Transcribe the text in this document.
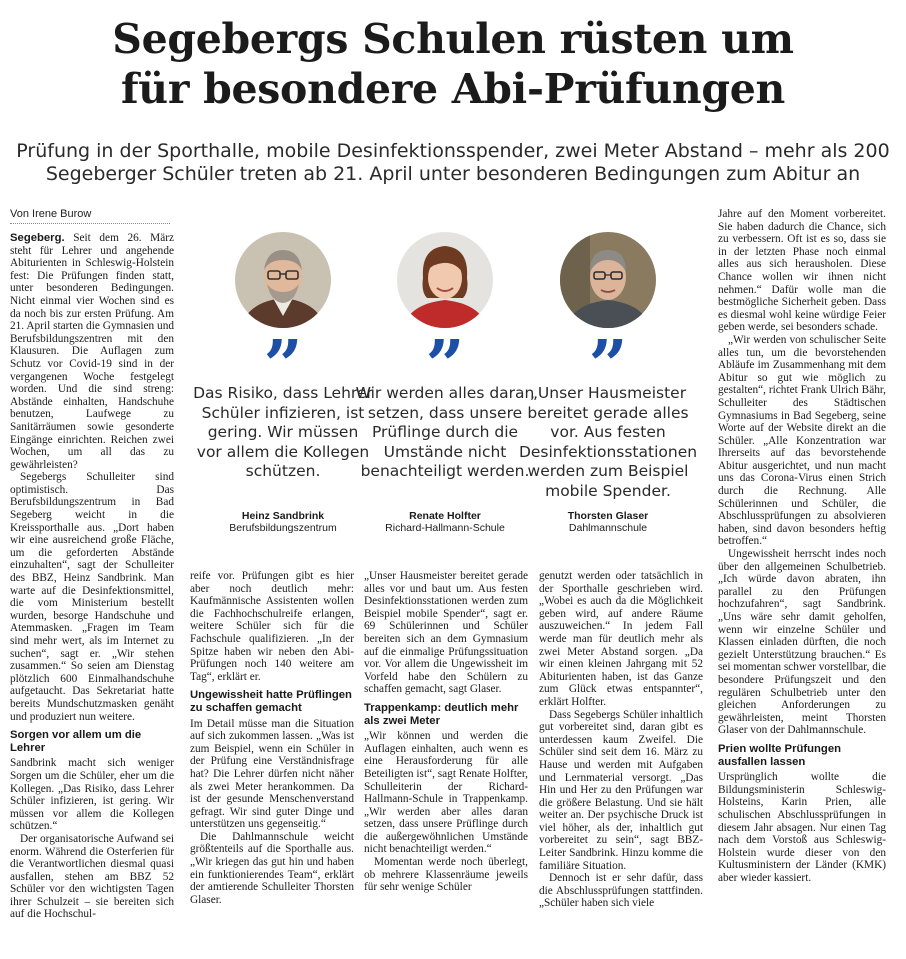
Segebergs Schulen rüsten um
für besondere Abi-Prüfungen
Prüfung in der Sporthalle, mobile Desinfektionsspender, zwei Meter Abstand – mehr als 200
Segeberger Schüler treten ab 21. April unter besonderen Bedingungen zum Abitur an
Von Irene Burow

Segeberg. Seit dem 26. März steht für Lehrer und angehende Abiturienten in Schleswig-Holstein fest: Die Prüfungen finden statt, unter besonderen Bedingungen. Nicht einmal vier Wochen sind es da noch bis zur ersten Prüfung. Am 21. April starten die Gymnasien und Berufsbildungszentren mit den Klausuren. Die Auflagen zum Schutz vor Covid-19 sind in der vergangenen Woche festgelegt worden. Und die sind streng: Abstände einhalten, Handschuhe benutzen, Laufwege zu Sanitärräumen sowie gesonderte Eingänge einrichten. Reichen zwei Wochen, um all das zu gewährleisten?

Segebergs Schulleiter sind optimistisch. Das Berufsbildungszentrum in Bad Segeberg weicht in die Kreissporthalle aus. „Dort haben wir eine ausreichend große Fläche, um die geforderten Abstände einzuhalten“, sagt der Schulleiter des BBZ, Heinz Sandbrink. Man warte auf die Desinfektionsmittel, die vom Ministerium bestellt wurden, besorge Handschuhe und Atemmasken. „Fragen im Team sind mehr wert, als im Internet zu suchen“, sagt er. „Wir stehen zusammen.“ So seien am Dienstag plötzlich 600 Einmalhandschuhe aufgetaucht. Das Sekretariat hatte bereits Mundschutzmasken genäht und produziert nun weitere.

Sorgen vor allem um die Lehrer

Sandbrink macht sich weniger Sorgen um die Schüler, eher um die Kollegen. „Das Risiko, dass Lehrer Schüler infizieren, ist gering. Wir müssen vor allem die Kollegen schützen.“

Der organisatorische Aufwand sei enorm. Während die Osterferien für die Verantwortlichen diesmal quasi ausfallen, stehen am BBZ 52 Schüler vor den wichtigsten Tagen ihrer Schulzeit – sie bereiten sich auf die Hochschul-

”
Das Risiko, dass Lehrer Schüler infizieren, ist gering. Wir müssen vor allem die Kollegen schützen.
Heinz Sandbrink
Berufsbildungszentrum
”
Wir werden alles daran setzen, dass unsere Prüflinge durch die Umstände nicht benachteiligt werden.
Renate Holfter
Richard-Hallmann-Schule
”
„Unser Hausmeister bereitet gerade alles vor. Aus festen Desinfektionsstationen werden zum Beispiel mobile Spender.
Thorsten Glaser
Dahlmannschule

reife vor. Prüfungen gibt es hier aber noch deutlich mehr: Kaufmännische Assistenten wollen die Fachhochschulreife erlangen, weitere Schüler sich für die Fachschule qualifizieren. „In der Spitze haben wir neben den Abi-Prüfungen noch 140 weitere am Tag“, erklärt er.

Ungewissheit hatte Prüflingen zu schaffen gemacht

Im Detail müsse man die Situation auf sich zukommen lassen. „Was ist zum Beispiel, wenn ein Schüler in der Prüfung eine Verständnisfrage hat? Die Lehrer dürfen nicht näher als zwei Meter herankommen. Da ist der gesunde Menschenverstand gefragt. Wir sind guter Dinge und unterstützen uns gegenseitig.“

Die Dahlmannschule weicht größtenteils auf die Sporthalle aus. „Wir kriegen das gut hin und haben ein funktionierendes Team“, erklärt der amtierende Schulleiter Thorsten Glaser.

„Unser Hausmeister bereitet gerade alles vor und baut um. Aus festen Desinfektionsstationen werden zum Beispiel mobile Spender“, sagt er. 69 Schülerinnen und Schüler bereiten sich an dem Gymnasium auf die einmalige Prüfungssituation vor. Vor allem die Ungewissheit im Vorfeld habe den Schülern zu schaffen gemacht, sagt Glaser.

Trappenkamp: deutlich mehr als zwei Meter

„Wir können und werden die Auflagen einhalten, auch wenn es eine Herausforderung für alle Beteiligten ist“, sagt Renate Holfter, Schulleiterin der Richard-Hallmann-Schule in Trappenkamp. „Wir werden aber alles daran setzen, dass unsere Prüflinge durch die außergewöhnlichen Umstände nicht benachteiligt werden.“

Momentan werde noch überlegt, ob mehrere Klassenräume jeweils für sehr wenige Schüler

genutzt werden oder tatsächlich in der Sporthalle geschrieben wird. „Wobei es auch da die Möglichkeit geben wird, auf andere Räume auszuweichen.“ In jedem Fall werde man für deutlich mehr als zwei Meter Abstand sorgen. „Da wir einen kleinen Jahrgang mit 52 Abiturienten haben, ist das Ganze zum Glück etwas entspannter“, erklärt Holfter.

Dass Segebergs Schüler inhaltlich gut vorbereitet sind, daran gibt es unterdessen kaum Zweifel. Die Schüler sind seit dem 16. März zu Hause und werden mit Aufgaben und Lernmaterial versorgt. „Das Hin und Her zu den Prüfungen war die größere Belastung. Und sie hält weiter an. Der psychische Druck ist viel höher, als der, inhaltlich gut vorbereitet zu sein“, sagt BBZ-Leiter Sandbrink. Hinzu komme die familiäre Situation.

Dennoch ist er sehr dafür, dass die Abschlussprüfungen stattfinden. „Schüler haben sich viele

Jahre auf den Moment vorbereitet. Sie haben dadurch die Chance, sich zu verbessern. Oft ist es so, dass sie in der letzten Phase noch einmal alles aus sich herausholen. Diese Chance wollen wir ihnen nicht nehmen.“ Dafür wolle man die bestmögliche Sicherheit geben. Dass es diesmal wohl keine würdige Feier geben werde, sei besonders schade.

„Wir werden von schulischer Seite alles tun, um die bevorstehenden Abläufe im Zusammenhang mit dem Abitur so gut wie möglich zu gestalten“, richtet Frank Ulrich Bähr, Schulleiter des Städtischen Gymnasiums in Bad Segeberg, seine Worte auf der Website direkt an die Schüler. „Alle Konzentration war Ihrerseits auf das bevorstehende Abitur ausgerichtet, und nun macht uns das Corona-Virus einen Strich durch die Rechnung. Alle Schülerinnen und Schüler, die Abschlussprüfungen zu absolvieren haben, sind davon besonders heftig betroffen.“

Ungewissheit herrscht indes noch über den allgemeinen Schulbetrieb. „Ich würde davon abraten, ihn parallel zu den Prüfungen hochzufahren“, sagt Sandbrink. „Uns wäre sehr damit geholfen, wenn wir einzelne Schüler und Klassen einladen dürften, die noch gezielt Unterstützung brauchen.“ Es sei momentan schwer vorstellbar, die besondere Prüfungszeit und den regulären Schulbetrieb unter den gleichen Anforderungen zu gewährleisten, meint Thorsten Glaser von der Dahlmannschule.

Prien wollte Prüfungen ausfallen lassen

Ursprünglich wollte die Bildungsministerin Schleswig-Holsteins, Karin Prien, alle schulischen Abschlussprüfungen in diesem Jahr absagen. Nur einen Tag nach dem Vorstoß aus Schleswig-Holstein wurde dieser von den Kultusministern der Länder (KMK) aber wieder kassiert.
